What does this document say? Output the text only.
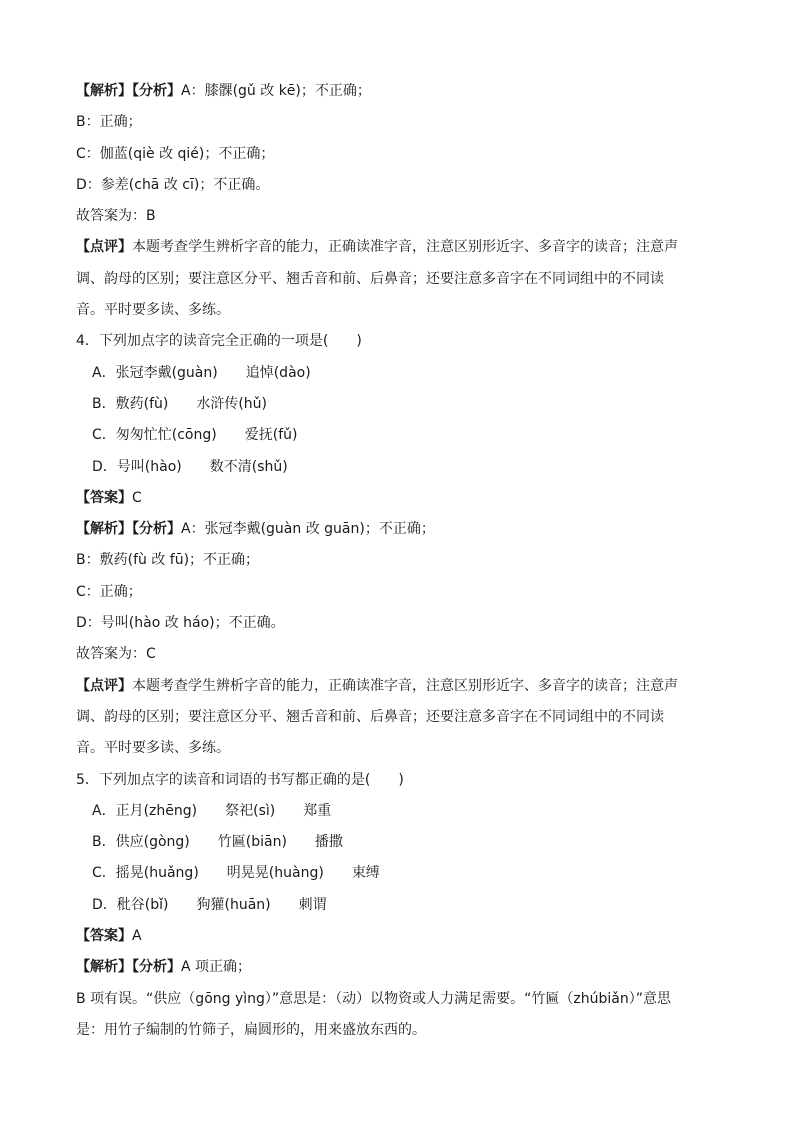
【解析】【分析】A：膝髁(gǔ 改 kē)；不正确；
B：正确；
C：伽蓝(qiè 改 qié)；不正确；
D：参差(chā 改 cī)；不正确。
故答案为：B
【点评】本题考查学生辨析字音的能力，正确读准字音，注意区别形近字、多音字的读音；注意声
调、韵母的区别；要注意区分平、翘舌音和前、后鼻音；还要注意多音字在不同词组中的不同读
音。平时要多读、多练。
4．下列加点字的读音完全正确的一项是(　　)
A．张冠李戴(guàn) 追悼(dào)
B．敷药(fù) 水浒传(hǔ)
C．匆匆忙忙(cōng) 爱抚(fǔ)
D．号叫(hào) 数不清(shǔ)
【答案】C
【解析】【分析】A：张冠李戴(guàn 改 guān)；不正确；
B：敷药(fù 改 fū)；不正确；
C：正确；
D：号叫(hào 改 háo)；不正确。
故答案为：C
【点评】本题考查学生辨析字音的能力，正确读准字音，注意区别形近字、多音字的读音；注意声
调、韵母的区别；要注意区分平、翘舌音和前、后鼻音；还要注意多音字在不同词组中的不同读
音。平时要多读、多练。
5．下列加点字的读音和词语的书写都正确的是(　　)
A．正月(zhēng) 祭祀(sì) 郑重
B．供应(gòng) 竹匾(biān) 播撒
C．摇晃(huǎng) 明晃晃(huàng) 束缚
D．秕谷(bǐ) 狗獾(huān) 刺谓
【答案】A
【解析】【分析】A 项正确；
B 项有误。“供应（gōng yìng）”意思是：（动）以物资或人力满足需要。“竹匾（zhúbiǎn）”意思
是：用竹子编制的竹筛子，扁圆形的，用来盛放东西的。
